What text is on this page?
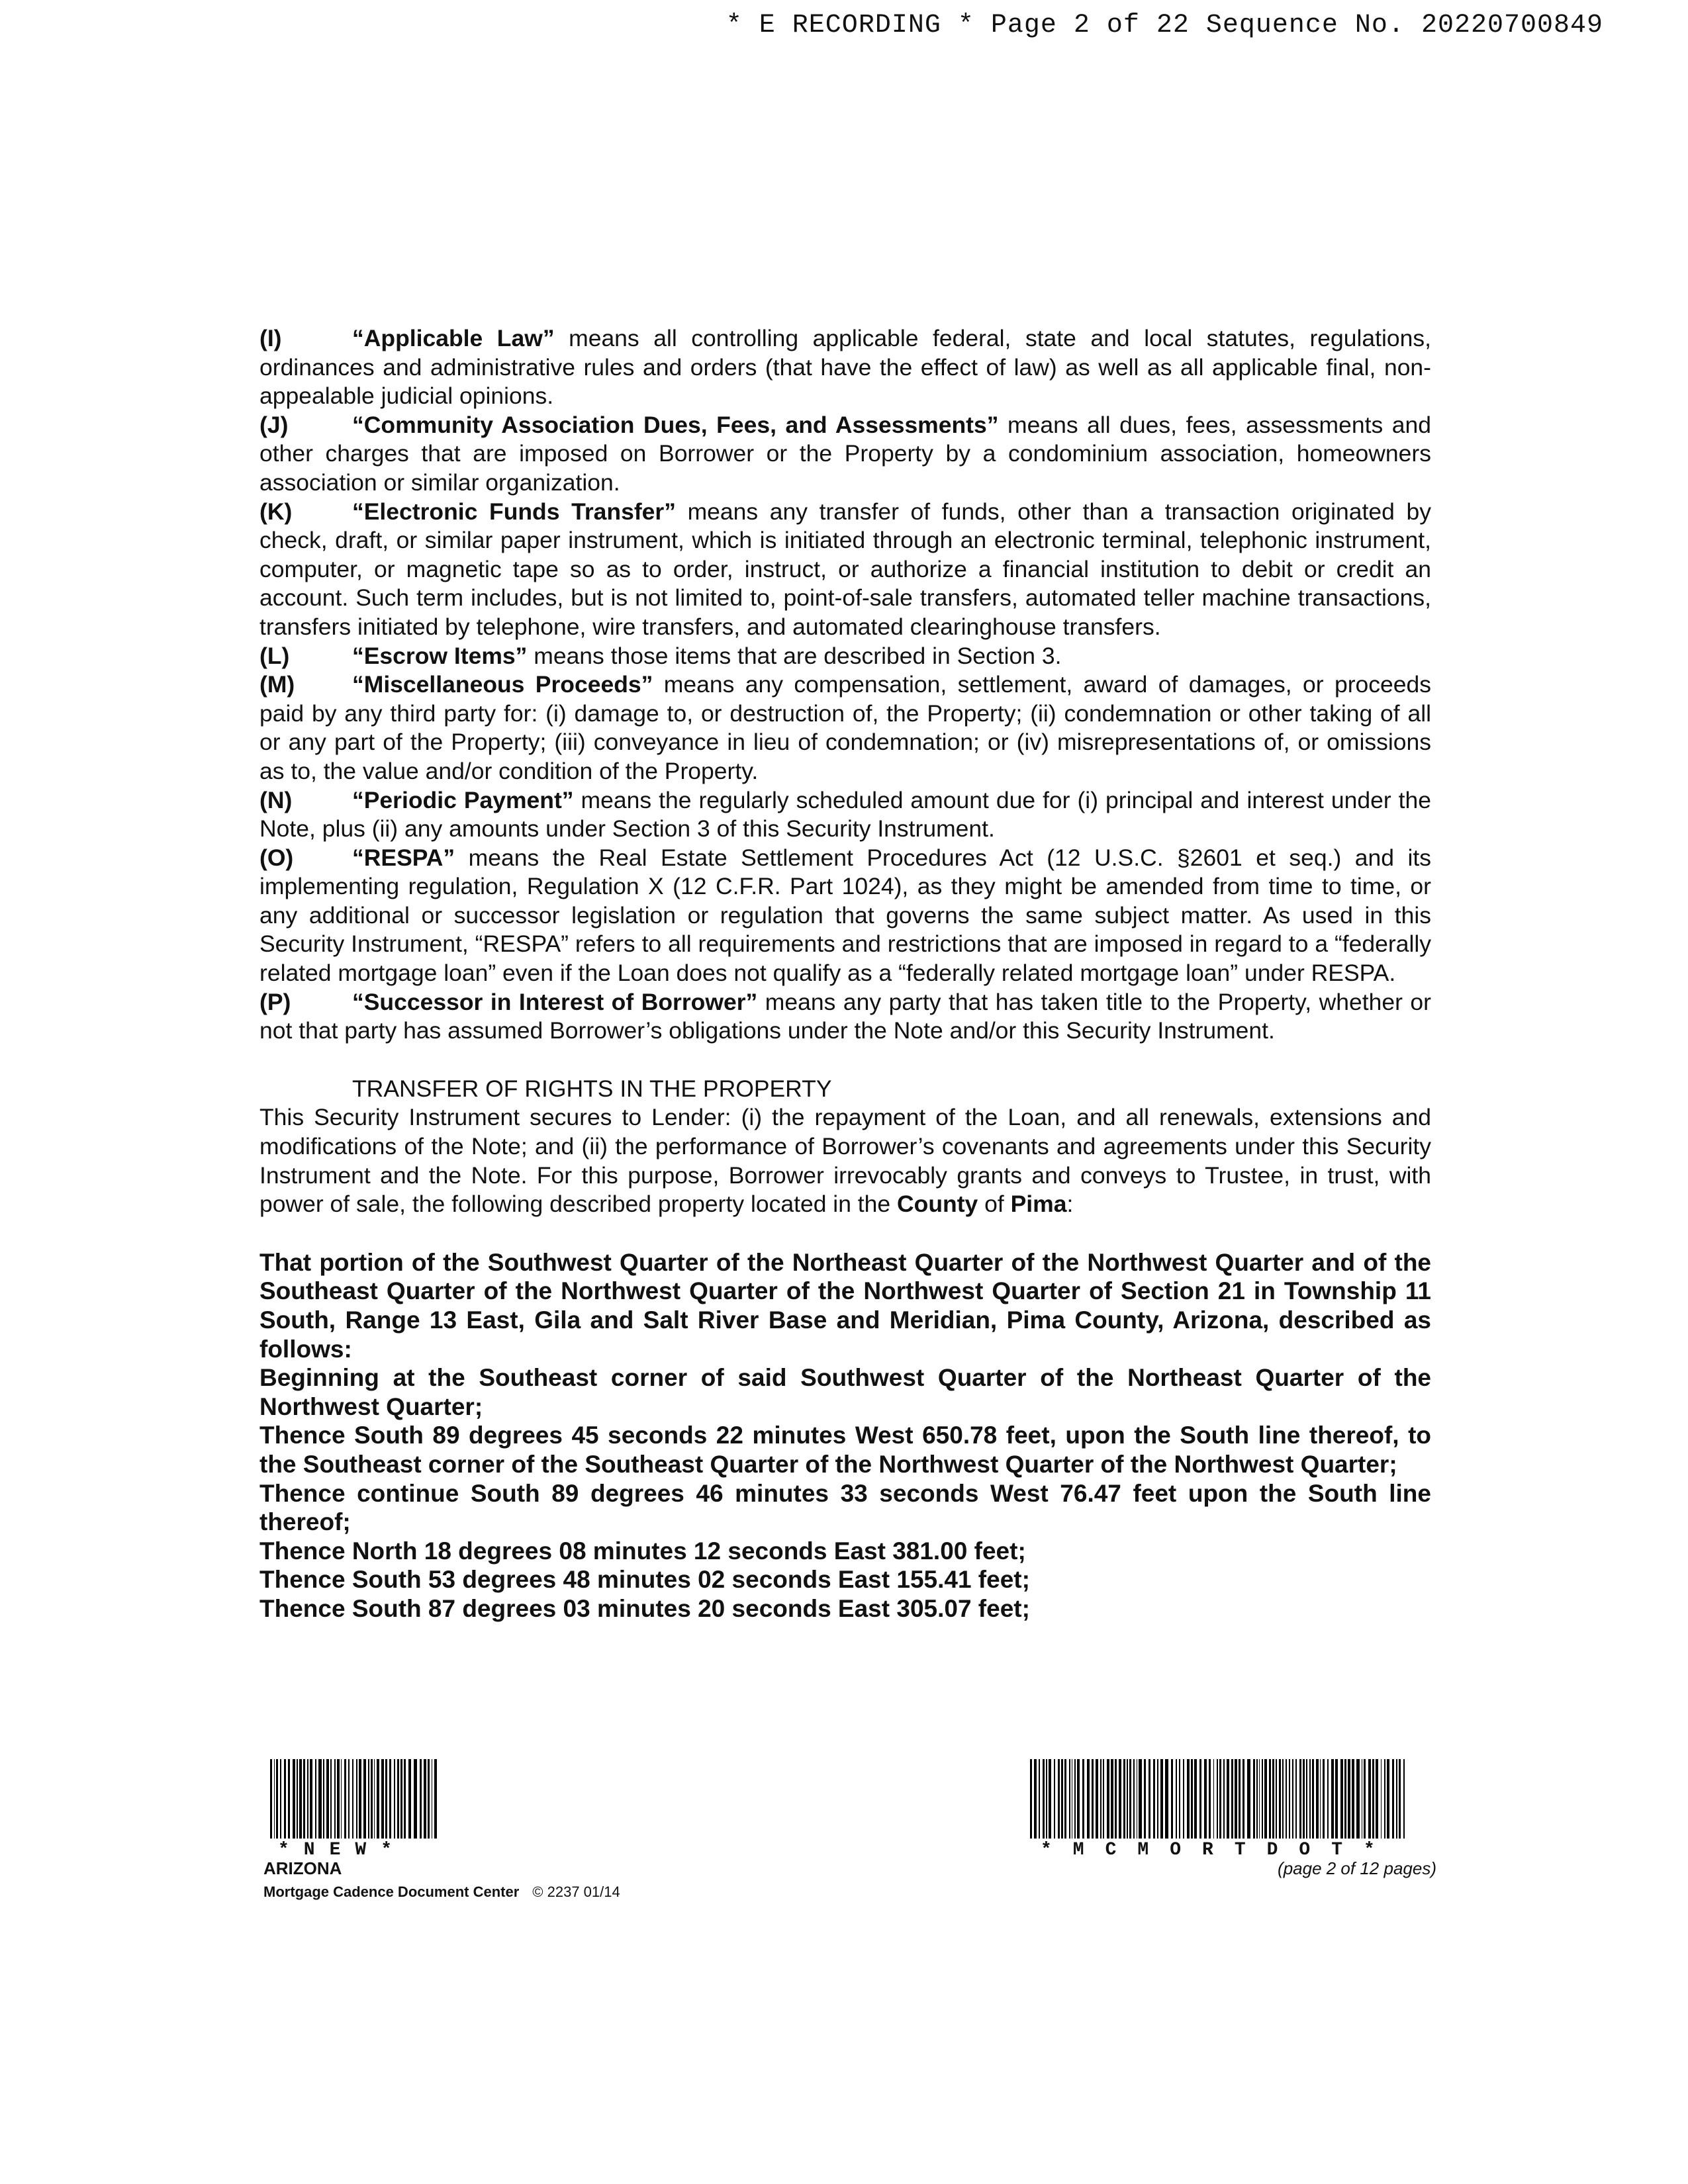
* E RECORDING * Page 2 of 22 Sequence No. 20220700849

(I)	“Applicable Law” means all controlling applicable federal, state and local statutes, regulations, ordinances and administrative rules and orders (that have the effect of law) as well as all applicable final, non-appealable judicial opinions.

(J)	“Community Association Dues, Fees, and Assessments” means all dues, fees, assessments and other charges that are imposed on Borrower or the Property by a condominium association, homeowners association or similar organization.

(K)	“Electronic Funds Transfer” means any transfer of funds, other than a transaction originated by check, draft, or similar paper instrument, which is initiated through an electronic terminal, telephonic instrument, computer, or magnetic tape so as to order, instruct, or authorize a financial institution to debit or credit an account. Such term includes, but is not limited to, point-of-sale transfers, automated teller machine transactions, transfers initiated by telephone, wire transfers, and automated clearinghouse transfers.

(L)	“Escrow Items” means those items that are described in Section 3.

(M) “Miscellaneous Proceeds” means any compensation, settlement, award of damages, or proceeds paid by any third party for: (i) damage to, or destruction of, the Property; (ii) condemnation or other taking of all or any part of the Property; (iii) conveyance in lieu of condemnation; or (iv) misrepresentations of, or omissions as to, the value and/or condition of the Property.

(N)	“Periodic Payment” means the regularly scheduled amount due for (i) principal and interest under the Note, plus (ii) any amounts under Section 3 of this Security Instrument.

(O) “RESPA” means the Real Estate Settlement Procedures Act (12 U.S.C. §2601 et seq.) and its implementing regulation, Regulation X (12 C.F.R. Part 1024), as they might be amended from time to time, or any additional or successor legislation or regulation that governs the same subject matter. As used in this Security Instrument, “RESPA” refers to all requirements and restrictions that are imposed in regard to a “federally related mortgage loan” even if the Loan does not qualify as a “federally related mortgage loan” under RESPA.

(P)	“Successor in Interest of Borrower” means any party that has taken title to the Property, whether or not that party has assumed Borrower’s obligations under the Note and/or this Security Instrument.

TRANSFER OF RIGHTS IN THE PROPERTY

This Security Instrument secures to Lender: (i) the repayment of the Loan, and all renewals, extensions and modifications of the Note; and (ii) the performance of Borrower’s covenants and agreements under this Security Instrument and the Note. For this purpose, Borrower irrevocably grants and conveys to Trustee, in trust, with power of sale, the following described property located in the County of Pima:

That portion of the Southwest Quarter of the Northeast Quarter of the Northwest Quarter and of the Southeast Quarter of the Northwest Quarter of the Northwest Quarter of Section 21 in Township 11 South, Range 13 East, Gila and Salt River Base and Meridian, Pima County, Arizona, described as follows:

Beginning at the Southeast corner of said Southwest Quarter of the Northeast Quarter of the Northwest Quarter;

Thence South 89 degrees 45 seconds 22 minutes West 650.78 feet, upon the South line thereof, to the Southeast corner of the Southeast Quarter of the Northwest Quarter of the Northwest Quarter;

Thence continue South 89 degrees 46 minutes 33 seconds West 76.47 feet upon the South line thereof;

Thence North 18 degrees 08 minutes 12 seconds East 381.00 feet;

Thence South 53 degrees 48 minutes 02 seconds East 155.41 feet;

Thence South 87 degrees 03 minutes 20 seconds East 305.07 feet;

*NEW*	*MCMORTDOT*
ARIZONA
Mortgage Cadence Document Center © 2237 01/14
(page 2 of 12 pages)
